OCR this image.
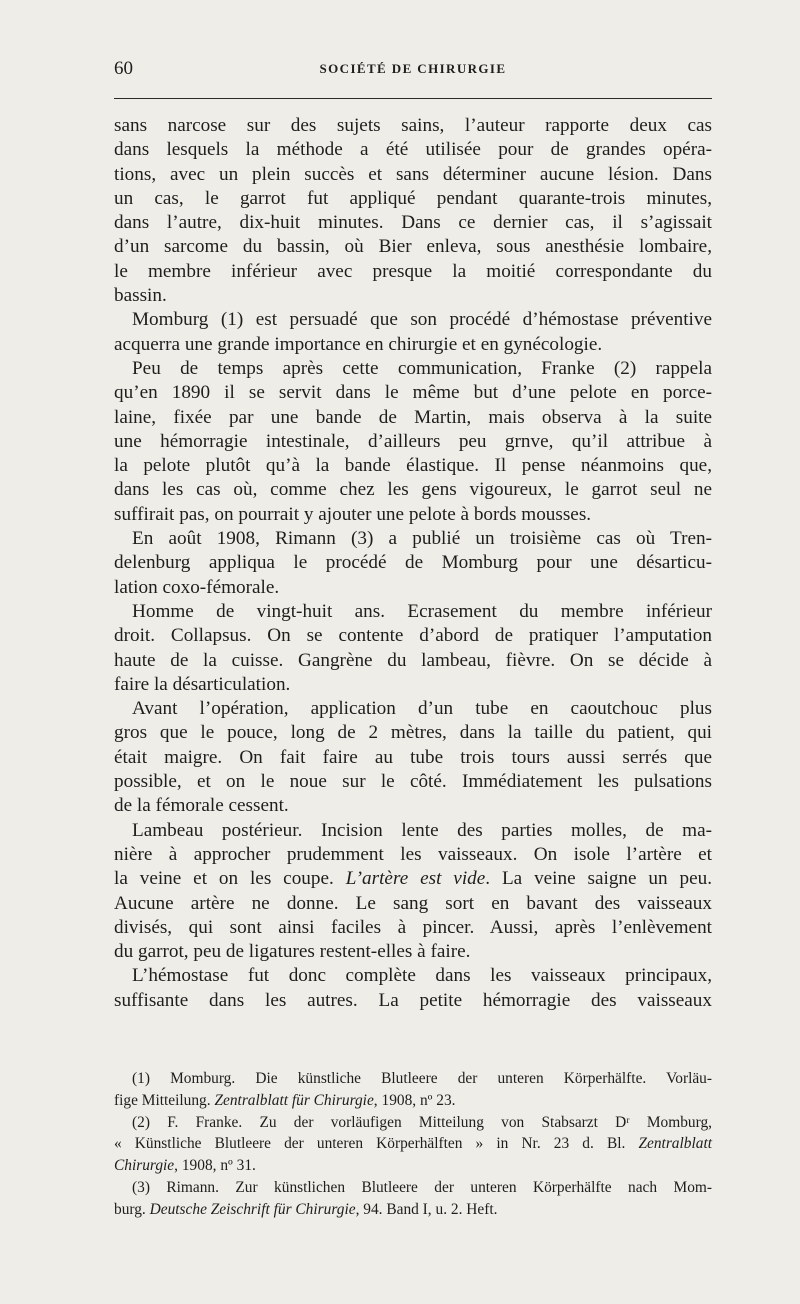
60	SOCIÉTÉ DE CHIRURGIE

sans narcose sur des sujets sains, l’auteur rapporte deux cas
dans lesquels la méthode a été utilisée pour de grandes opéra-
tions, avec un plein succès et sans déterminer aucune lésion. Dans
un cas, le garrot fut appliqué pendant quarante-trois minutes,
dans l’autre, dix-huit minutes. Dans ce dernier cas, il s’agissait
d’un sarcome du bassin, où Bier enleva, sous anesthésie lombaire,
le membre inférieur avec presque la moitié correspondante du
bassin.

Momburg (1) est persuadé que son procédé d’hémostase préventive
acquerra une grande importance en chirurgie et en gynécologie.

Peu de temps après cette communication, Franke (2) rappela
qu’en 1890 il se servit dans le même but d’une pelote en porce-
laine, fixée par une bande de Martin, mais observa à la suite
une hémorragie intestinale, d’ailleurs peu grnve, qu’il attribue à
la pelote plutôt qu’à la bande élastique. Il pense néanmoins que,
dans les cas où, comme chez les gens vigoureux, le garrot seul ne
suffirait pas, on pourrait y ajouter une pelote à bords mousses.

En août 1908, Rimann (3) a publié un troisième cas où Tren-
delenburg appliqua le procédé de Momburg pour une désarticu-
lation coxo-fémorale.

Homme de vingt-huit ans. Ecrasement du membre inférieur
droit. Collapsus. On se contente d’abord de pratiquer l’amputation
haute de la cuisse. Gangrène du lambeau, fièvre. On se décide à
faire la désarticulation.

Avant l’opération, application d’un tube en caoutchouc plus
gros que le pouce, long de 2 mètres, dans la taille du patient, qui
était maigre. On fait faire au tube trois tours aussi serrés que
possible, et on le noue sur le côté. Immédiatement les pulsations
de la fémorale cessent.

Lambeau postérieur. Incision lente des parties molles, de ma-
nière à approcher prudemment les vaisseaux. On isole l’artère et
la veine et on les coupe. L’artère est vide. La veine saigne un peu.
Aucune artère ne donne. Le sang sort en bavant des vaisseaux
divisés, qui sont ainsi faciles à pincer. Aussi, après l’enlèvement
du garrot, peu de ligatures restent-elles à faire.

L’hémostase fut donc complète dans les vaisseaux principaux,
suffisante dans les autres. La petite hémorragie des vaisseaux

(1) Momburg. Die künstliche Blutleere der unteren Körperhälfte. Vorläu-
fige Mitteilung. Zentralblatt für Chirurgie, 1908, nº 23.

(2) F. Franke. Zu der vorläufigen Mitteilung von Stabsarzt Dʳ Momburg,
« Künstliche Blutleere der unteren Körperhälften » in Nr. 23 d. Bl. Zentralblatt
Chirurgie, 1908, nº 31.

(3) Rimann. Zur künstlichen Blutleere der unteren Körperhälfte nach Mom-
burg. Deutsche Zeischrift für Chirurgie, 94. Band I, u. 2. Heft.
